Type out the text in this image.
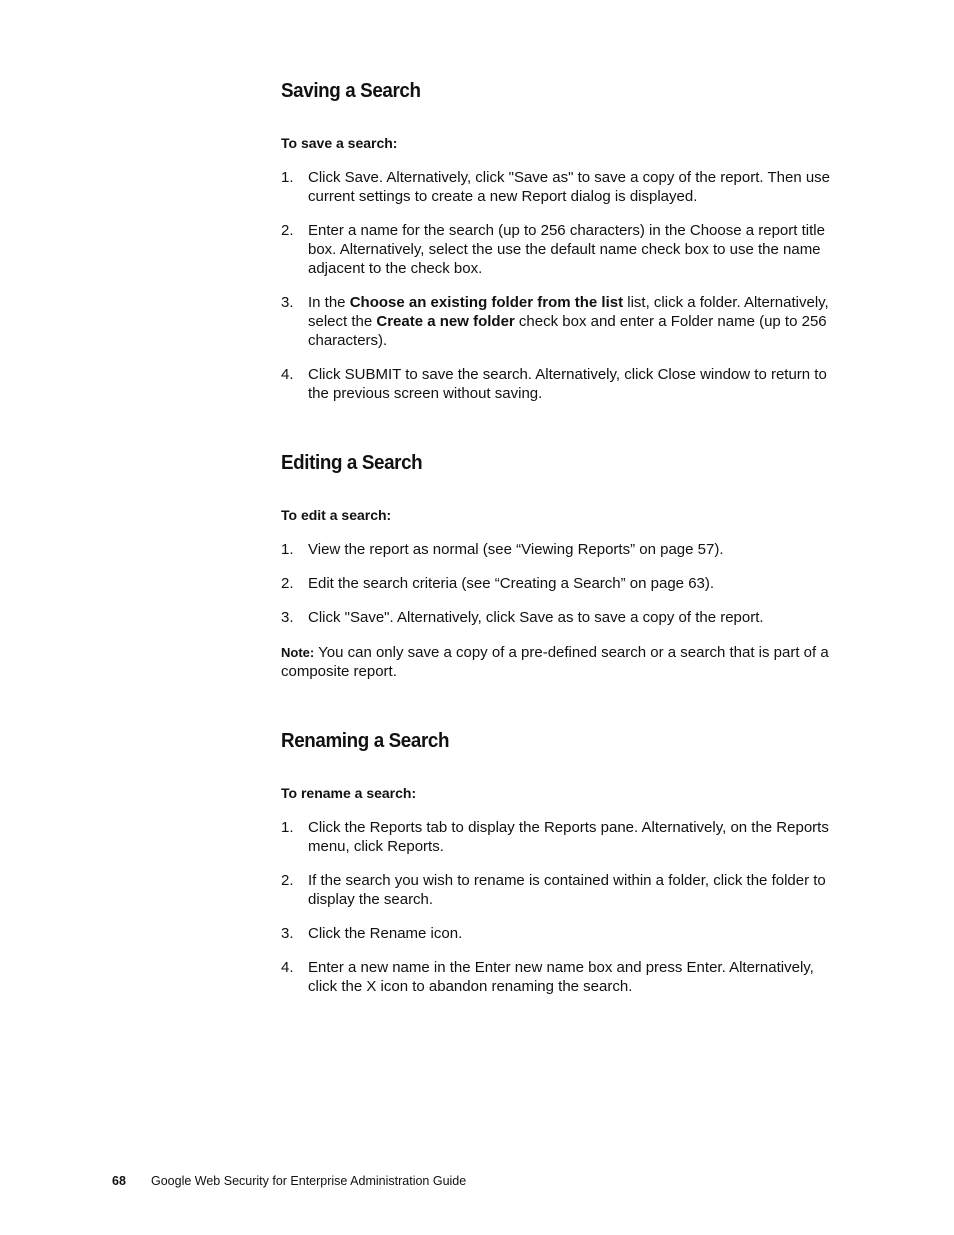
Saving a Search
To save a search:
1. Click Save. Alternatively, click "Save as" to save a copy of the report. Then use current settings to create a new Report dialog is displayed.
2. Enter a name for the search (up to 256 characters) in the Choose a report title box. Alternatively, select the use the default name check box to use the name adjacent to the check box.
3. In the Choose an existing folder from the list list, click a folder. Alternatively, select the Create a new folder check box and enter a Folder name (up to 256 characters).
4. Click SUBMIT to save the search. Alternatively, click Close window to return to the previous screen without saving.
Editing a Search
To edit a search:
1. View the report as normal (see “Viewing Reports” on page 57).
2. Edit the search criteria (see “Creating a Search” on page 63).
3. Click "Save". Alternatively, click Save as to save a copy of the report.
Note: You can only save a copy of a pre-defined search or a search that is part of a composite report.
Renaming a Search
To rename a search:
1. Click the Reports tab to display the Reports pane. Alternatively, on the Reports menu, click Reports.
2. If the search you wish to rename is contained within a folder, click the folder to display the search.
3. Click the Rename icon.
4. Enter a new name in the Enter new name box and press Enter. Alternatively, click the X icon to abandon renaming the search.
68 Google Web Security for Enterprise Administration Guide
